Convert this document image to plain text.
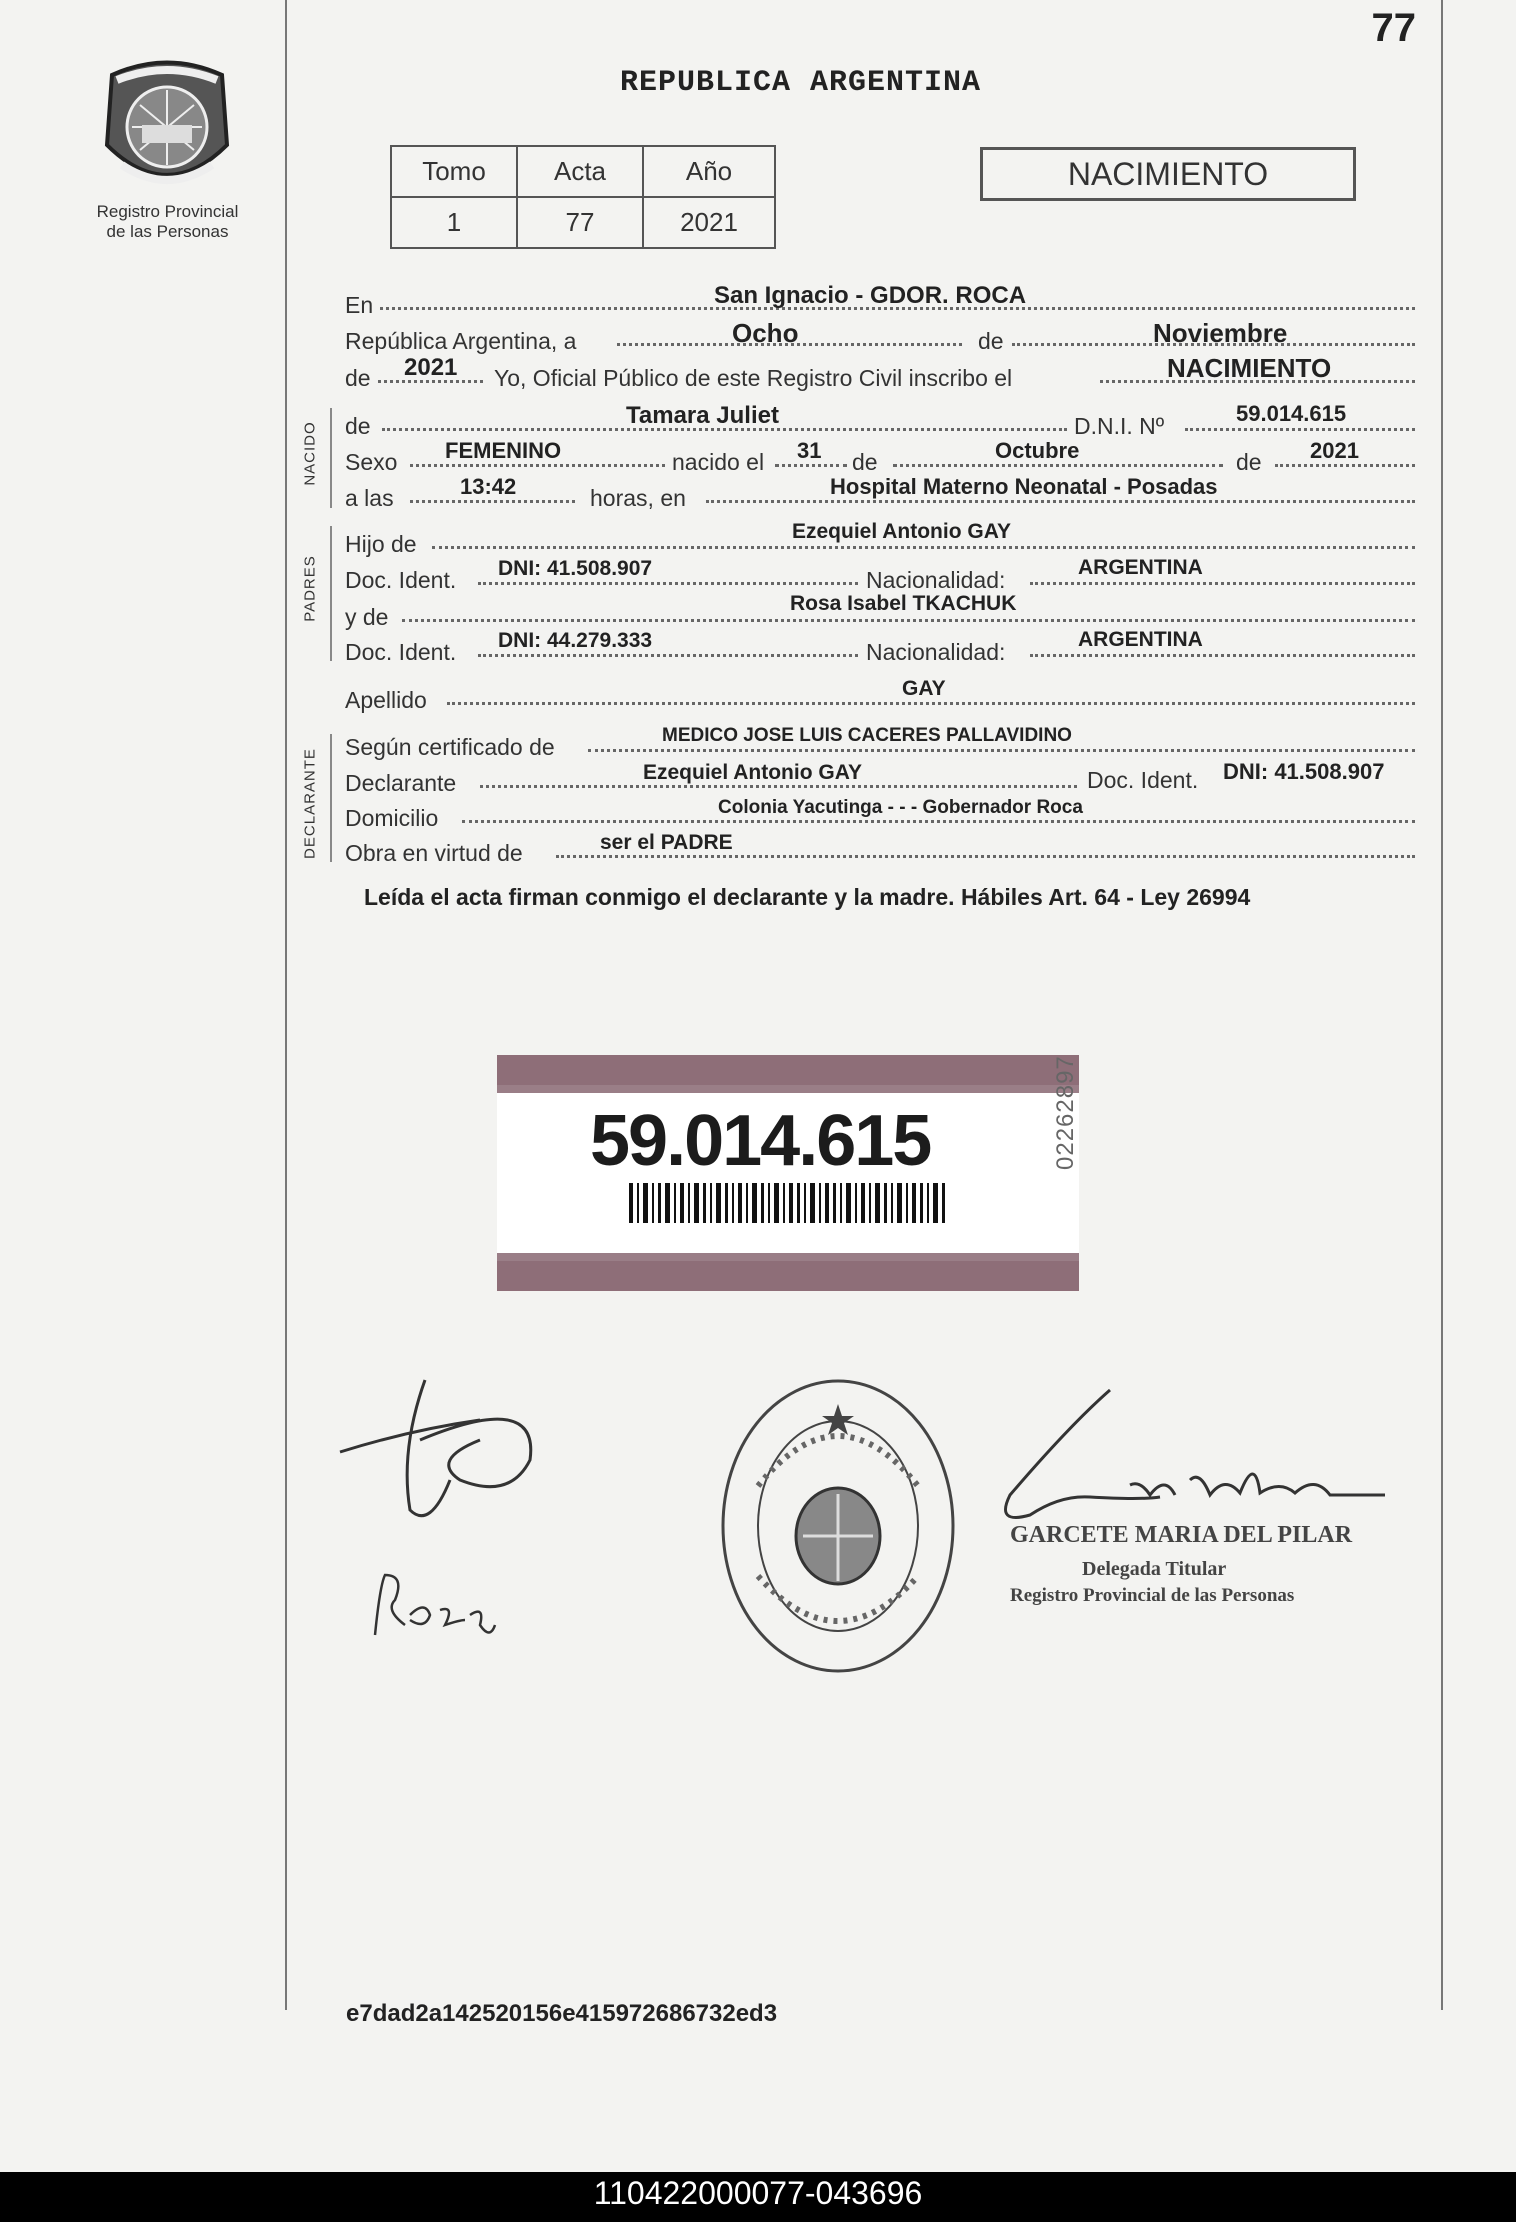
77
Registro Provincial
de las Personas
REPUBLICA ARGENTINA
Tomo	Acta	Año
1	77	2021
NACIMIENTO
En	San Ignacio - GDOR. ROCA
República Argentina, a	Ocho	de	Noviembre
de 2021 Yo, Oficial Público de este Registro Civil inscribo el	NACIMIENTO
NACIDO de	Tamara Juliet	D.N.I. Nº	59.014.615
Sexo FEMENINO	nacido el 31 de	Octubre	de 2021
a las	13:42	horas, en	Hospital Materno Neonatal - Posadas
PADRES
Hijo de	Ezequiel Antonio GAY
Doc. Ident. DNI: 41.508.907	Nacionalidad:	ARGENTINA
y de
Rosa Isabel TKACHUK
Doc. Ident. DNI: 44.279.333	Nacionalidad:	ARGENTINA
Apellido	GAY
DECLARANTE
Según certificado de	MEDICO JOSE LUIS CACERES PALLAVIDINO
Declarante	Ezequiel Antonio GAY	Doc. Ident. DNI: 41.508.907
Domicilio	Colonia Yacutinga - - - Gobernador Roca
Obra en virtud de	ser el PADRE
Leída el acta firman conmigo el declarante y la madre. Hábiles Art. 64 - Ley 26994
59.014.615	02262897
GARCETE MARIA DEL PILAR
Delegada Titular
Registro Provincial de las Personas
e7dad2a142520156e415972686732ed3
110422000077-043696
